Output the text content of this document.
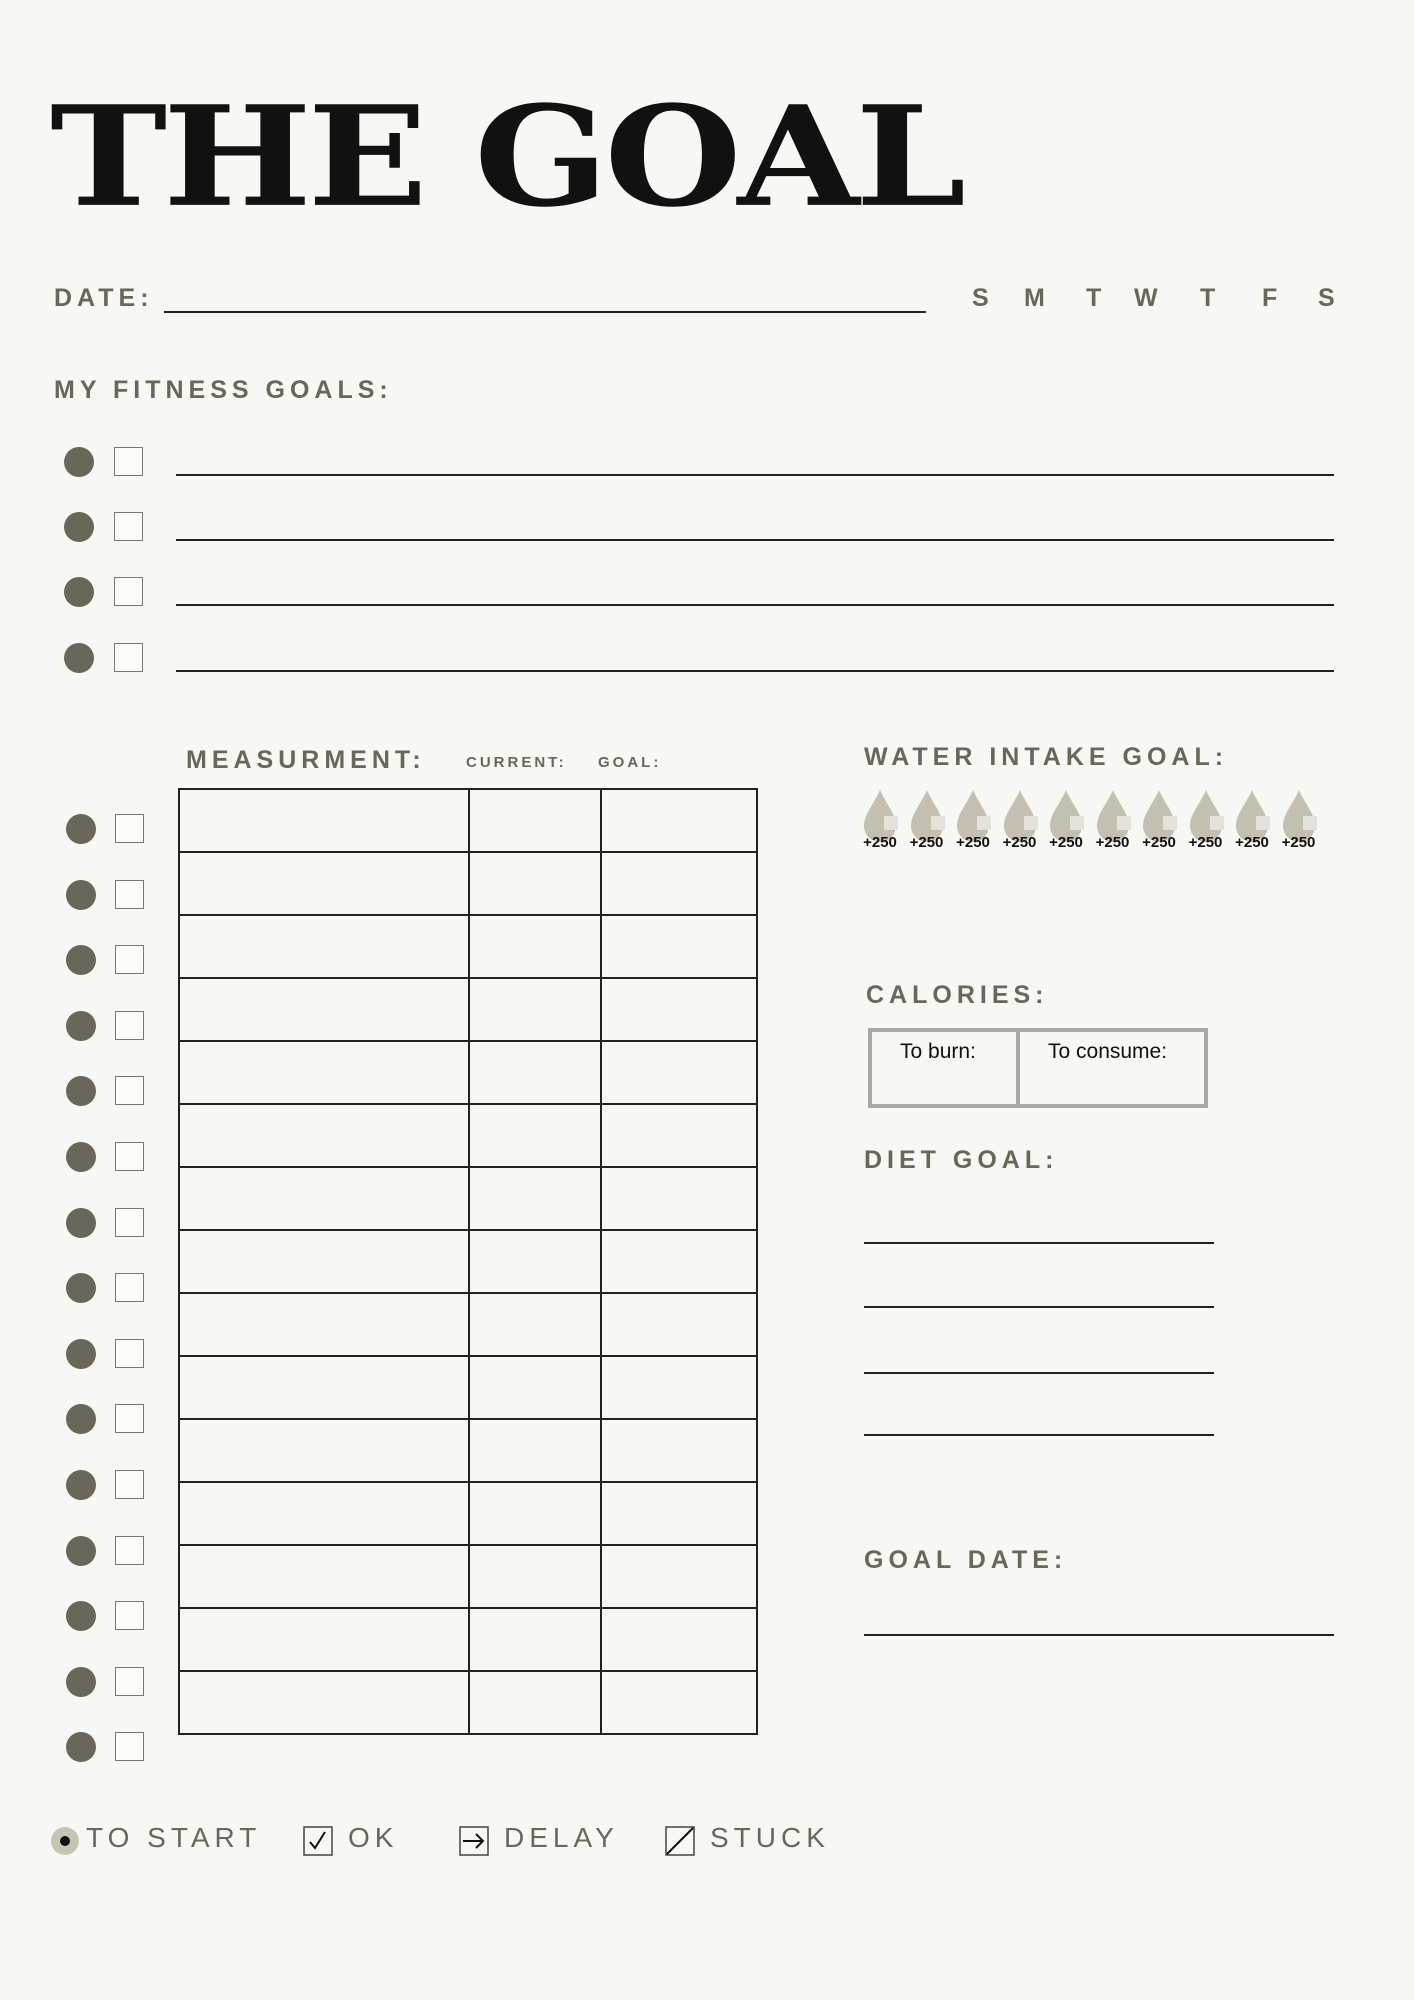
THE GOAL
DATE:	S M T W T F S
MY FITNESS GOALS:
MEASURMENT:	CURRENT: GOAL:

			WATER INTAKE GOAL:
+250 +250 +250 +250 +250 +250 +250 +250 +250 +250
CALORIES:
To burn:	To consume:
DIET GOAL:
GOAL DATE:
TO START	OK	DELAY	STUCK
